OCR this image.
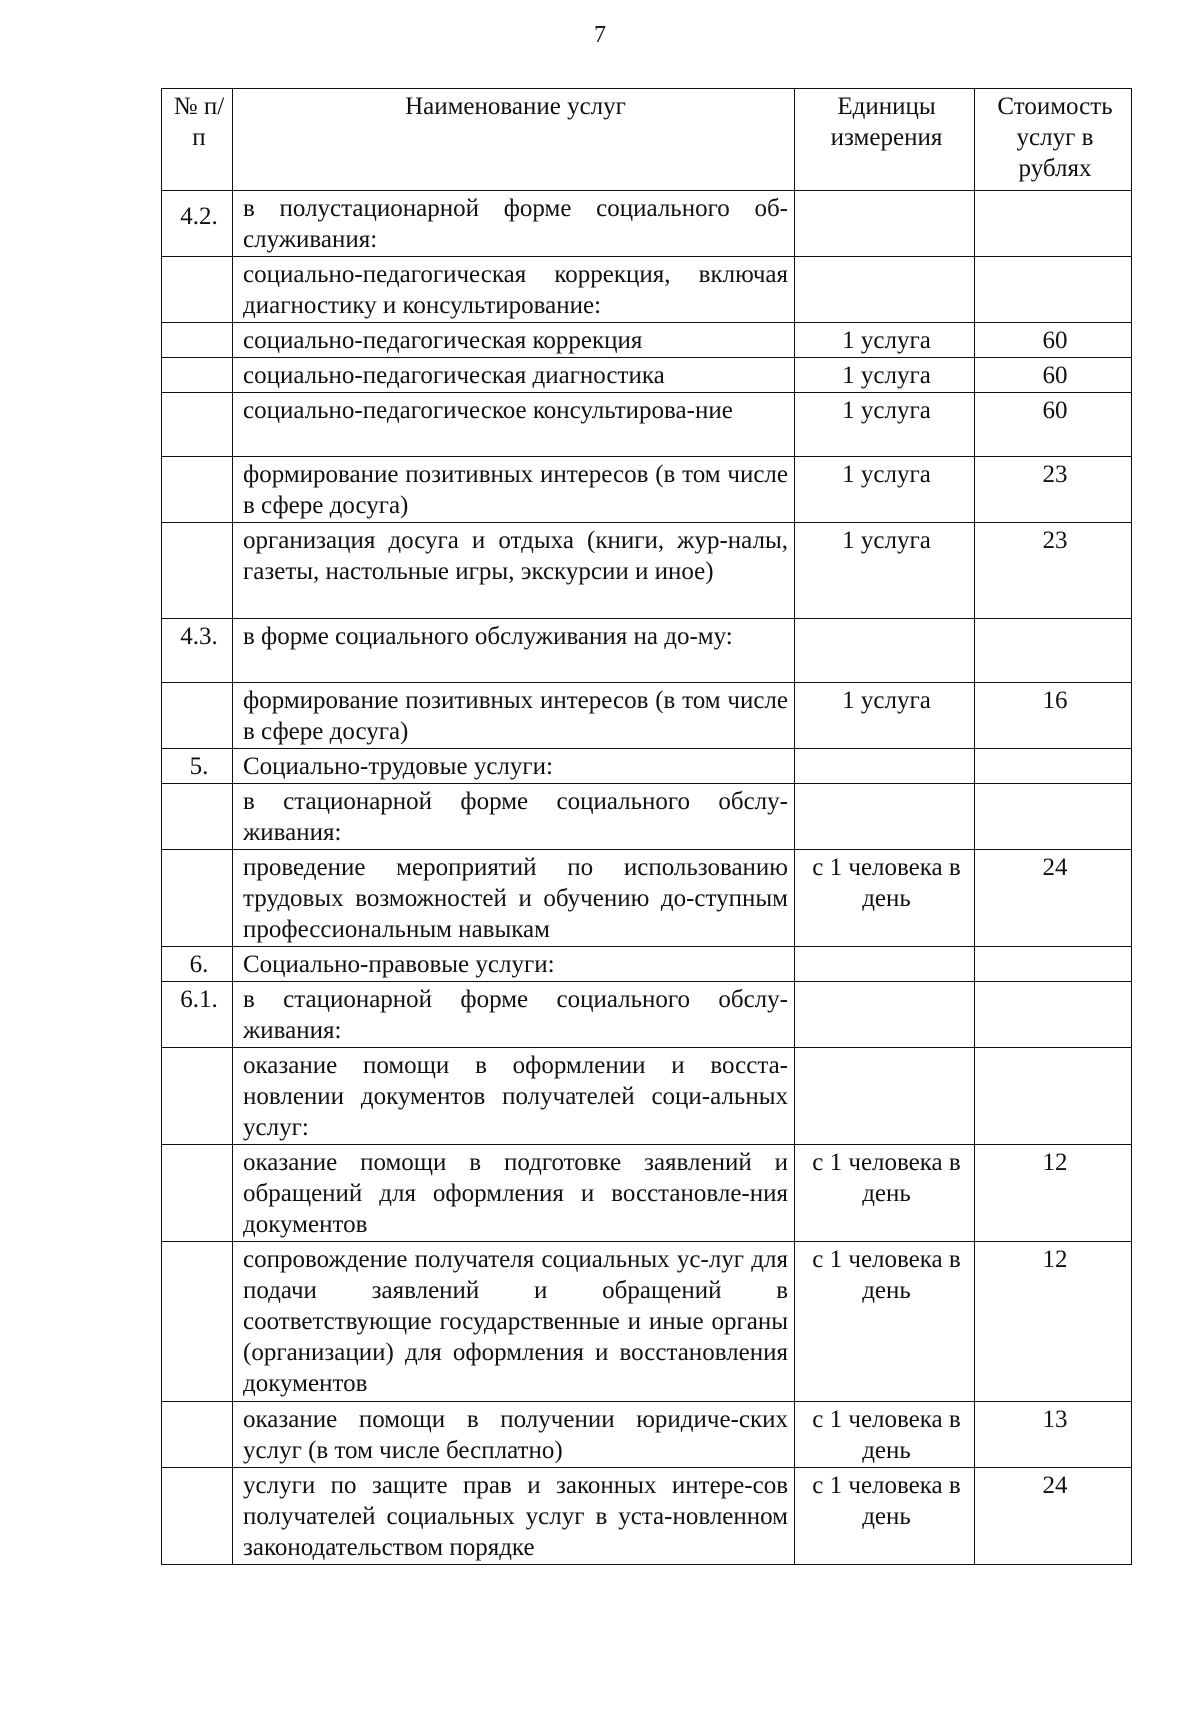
7
№ п/п	Наименование услуг	Единицы измерения	Стоимость услуг в рублях
4.2.	в полустационарной форме социального об-служивания:		
	социально-педагогическая коррекция, включая диагностику и консультирование:		
	социально-педагогическая коррекция	1 услуга	60
	социально-педагогическая диагностика	1 услуга	60
	социально-педагогическое консультирова-ние	1 услуга	60
	формирование позитивных интересов (в том числе в сфере досуга)	1 услуга	23
	организация досуга и отдыха (книги, жур-налы, газеты, настольные игры, экскурсии и иное)	1 услуга	23
4.3.	в форме социального обслуживания на до-му:		
	формирование позитивных интересов (в том числе в сфере досуга)	1 услуга	16
5.	Социально-трудовые услуги:		
	в стационарной форме социального обслу-живания:		
	проведение мероприятий по использованию трудовых возможностей и обучению до-ступным профессиональным навыкам	с 1 человека в день	24
6.	Социально-правовые услуги:		
6.1.	в стационарной форме социального обслу-живания:		
	оказание помощи в оформлении и восста-новлении документов получателей соци-альных услуг:		
	оказание помощи в подготовке заявлений и обращений для оформления и восстановле-ния документов	с 1 человека в день	12
	сопровождение получателя социальных ус-луг для подачи заявлений и обращений в соответствующие государственные и иные органы (организации) для оформления и восстановления документов	с 1 человека в день	12
	оказание помощи в получении юридиче-ских услуг (в том числе бесплатно)	с 1 человека в день	13
	услуги по защите прав и законных интере-сов получателей социальных услуг в уста-новленном законодательством порядке	с 1 человека в день	24
